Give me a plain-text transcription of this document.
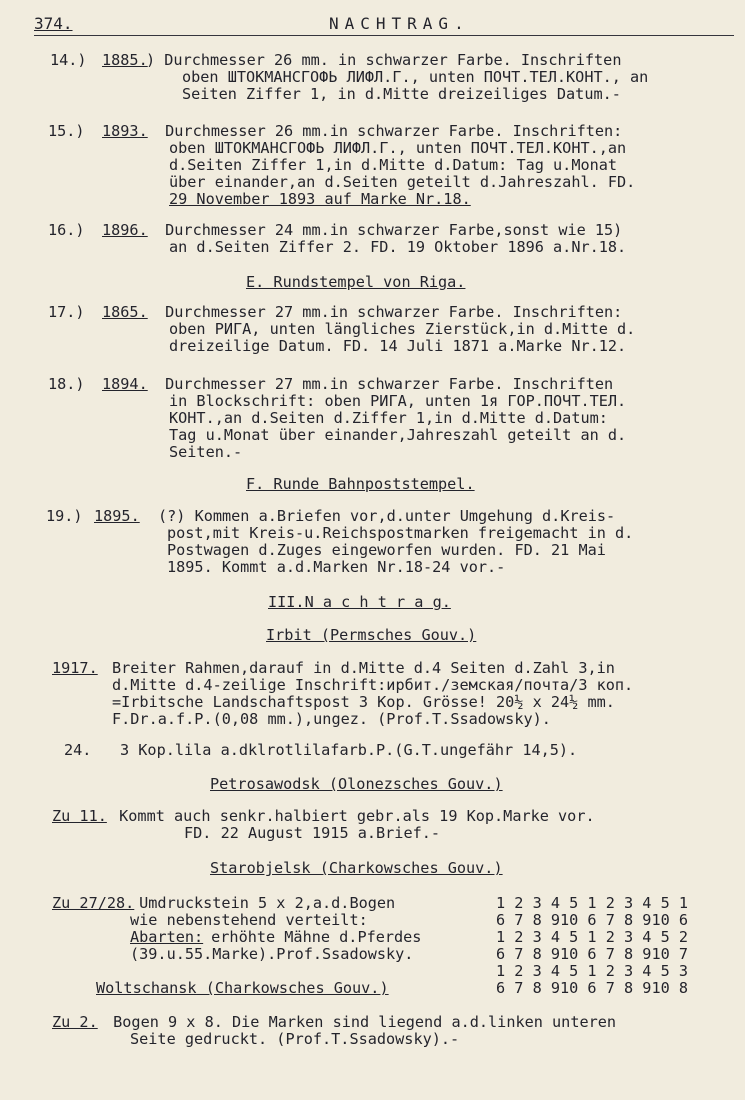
374.	NACHTRAG.

14.)

1885.

) Durchmesser 26 mm. in schwarzer Farbe. Inschriften

oben ШТОКМАНСГОФЬ ЛИФЛ.Г., unten ПОЧТ.ТЕЛ.КОНТ., an

Seiten Ziffer 1, in d.Mitte dreizeiliges Datum.-

15.)

1893.

Durchmesser 26 mm.in schwarzer Farbe. Inschriften:

oben ШТОКМАНСГОФЬ ЛИФЛ.Г., unten ПОЧТ.ТЕЛ.КОНТ.,an

d.Seiten Ziffer 1,in d.Mitte d.Datum: Tag u.Monat

über einander,an d.Seiten geteilt d.Jahreszahl. FD.

29 November 1893 auf Marke Nr.18.

16.)

1896.

Durchmesser 24 mm.in schwarzer Farbe,sonst wie 15)

an d.Seiten Ziffer 2. FD. 19 Oktober 1896 a.Nr.18.

E. Rundstempel von Riga.

17.)

1865.

Durchmesser 27 mm.in schwarzer Farbe. Inschriften:

oben РИГА, unten längliches Zierstück,in d.Mitte d.

dreizeilige Datum. FD. 14 Juli 1871 a.Marke Nr.12.

18.)

1894.

Durchmesser 27 mm.in schwarzer Farbe. Inschriften

in Blockschrift: oben РИГА, unten 1я ГОР.ПОЧТ.ТЕЛ.

КОНТ.,an d.Seiten d.Ziffer 1,in d.Mitte d.Datum:

Tag u.Monat über einander,Jahreszahl geteilt an d.

Seiten.-

F. Runde Bahnpoststempel.

19.)

1895.

(?) Kommen a.Briefen vor,d.unter Umgehung d.Kreis-

post,mit Kreis-u.Reichspostmarken freigemacht in d.

Postwagen d.Zuges eingeworfen wurden. FD. 21 Mai

1895. Kommt a.d.Marken Nr.18-24 vor.-

III.N a c h t r a g.
Irbit (Permsches Gouv.)

1917.

Breiter Rahmen,darauf in d.Mitte d.4 Seiten d.Zahl 3,in

d.Mitte d.4-zeilige Inschrift:ирбит./земская/почта/3 коп.

=Irbitsche Landschaftspost 3 Kop. Grösse! 20½ x 24½ mm.

F.Dr.a.f.P.(0,08 mm.),ungez. (Prof.T.Ssadowsky).

24.

3 Kop.lila a.dklrotlilafarb.P.(G.T.ungefähr 14,5).

Petrosawodsk (Olonezsches Gouv.)

Zu 11.

Kommt auch senkr.halbiert gebr.als 19 Kop.Marke vor.

FD. 22 August 1915 a.Brief.-

Starobjelsk (Charkowsches Gouv.)

Zu 27/28.

Umdruckstein 5 x 2,a.d.Bogen

wie nebenstehend verteilt:

Abarten:

erhöhte Mähne d.Pferdes

(39.u.55.Marke).Prof.Ssadowsky.

1 2 3 4 5 1 2 3 4 5 1
6 7 8 910 6 7 8 910 6
1 2 3 4 5 1 2 3 4 5 2
6 7 8 910 6 7 8 910 7
1 2 3 4 5 1 2 3 4 5 3
6 7 8 910 6 7 8 910 8
Woltschansk (Charkowsches Gouv.)

Zu 2.

Bogen 9 x 8. Die Marken sind liegend a.d.linken unteren

Seite gedruckt. (Prof.T.Ssadowsky).-
